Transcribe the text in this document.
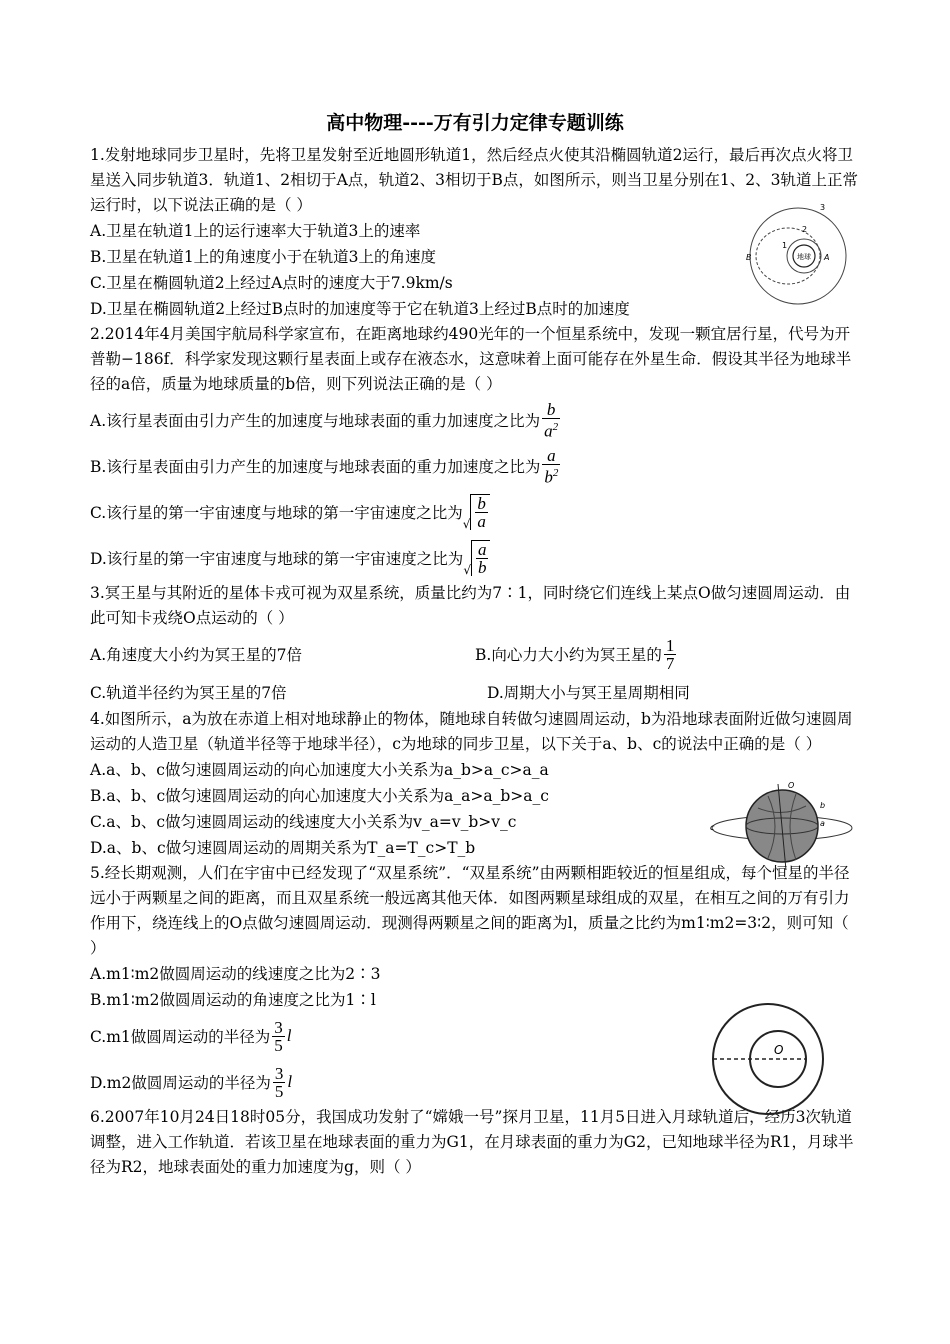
高中物理----万有引力定律专题训练

1.发射地球同步卫星时，先将卫星发射至近地圆形轨道1，然后经点火使其沿椭圆轨道2运行，最后再次点火将卫星送入同步轨道3．轨道1、2相切于A点，轨道2、3相切于B点，如图所示，则当卫星分别在1、2、3轨道上正常运行时，以下说法正确的是（ ）

A.卫星在轨道1上的运行速率大于轨道3上的速率

B.卫星在轨道1上的角速度小于在轨道3上的角速度

C.卫星在椭圆轨道2上经过A点时的速度大于7.9km/s

D.卫星在椭圆轨道2上经过B点时的加速度等于它在轨道3上经过B点时的加速度

2.2014年4月美国宇航局科学家宣布，在距离地球约490光年的一个恒星系统中，发现一颗宜居行星，代号为开普勒−186f．科学家发现这颗行星表面上或存在液态水，这意味着上面可能存在外星生命．假设其半径为地球半径的a倍，质量为地球质量的b倍，则下列说法正确的是（ ）

A.该行星表面由引力产生的加速度与地球表面的重力加速度之比为 $\frac{b}{a^2}$
B.该行星表面由引力产生的加速度与地球表面的重力加速度之比为 $\frac{a}{b^2}$
C.该行星的第一宇宙速度与地球的第一宇宙速度之比为
√ $\frac{b}{a}$
D.该行星的第一宇宙速度与地球的第一宇宙速度之比为
√ $\frac{a}{b}$

3.冥王星与其附近的星体卡戎可视为双星系统，质量比约为7∶1，同时绕它们连线上某点O做匀速圆周运动．由此可知卡戎绕O点运动的（ ）

A.角速度大小约为冥王星的7倍	B.向心力大小约为冥王星的 $\frac{1}{7}$
C.轨道半径约为冥王星的7倍	D.周期大小与冥王星周期相同

4.如图所示，a为放在赤道上相对地球静止的物体，随地球自转做匀速圆周运动，b为沿地球表面附近做匀速圆周运动的人造卫星（轨道半径等于地球半径），c为地球的同步卫星，以下关于a、b、c的说法中正确的是（ ）

A.a、b、c做匀速圆周运动的向心加速度大小关系为a_b>a_c>a_a

B.a、b、c做匀速圆周运动的向心加速度大小关系为a_a>a_b>a_c

C.a、b、c做匀速圆周运动的线速度大小关系为v_a=v_b>v_c

D.a、b、c做匀速圆周运动的周期关系为T_a=T_c>T_b

5.经长期观测，人们在宇宙中已经发现了“双星系统”．“双星系统”由两颗相距较近的恒星组成，每个恒星的半径远小于两颗星之间的距离，而且双星系统一般远离其他天体．如图两颗星球组成的双星，在相互之间的万有引力作用下，绕连线上的O点做匀速圆周运动．现测得两颗星之间的距离为l，质量之比约为m1∶m2=3∶2，则可知（ ）

A.m1∶m2做圆周运动的线速度之比为2∶3

B.m1∶m2做圆周运动的角速度之比为1∶l

C.m1做圆周运动的半径为 $\frac{3}{5}$ l
D.m2做圆周运动的半径为 $\frac{3}{5}$ l

6.2007年10月24日18时05分，我国成功发射了“嫦娥一号”探月卫星，11月5日进入月球轨道后，经历3次轨道调整，进入工作轨道．若该卫星在地球表面的重力为G1，在月球表面的重力为G2，已知地球半径为R1，月球半径为R2，地球表面处的重力加速度为g，则（ ）

地球
3
2
1
B	A
O
c
b
a
O
